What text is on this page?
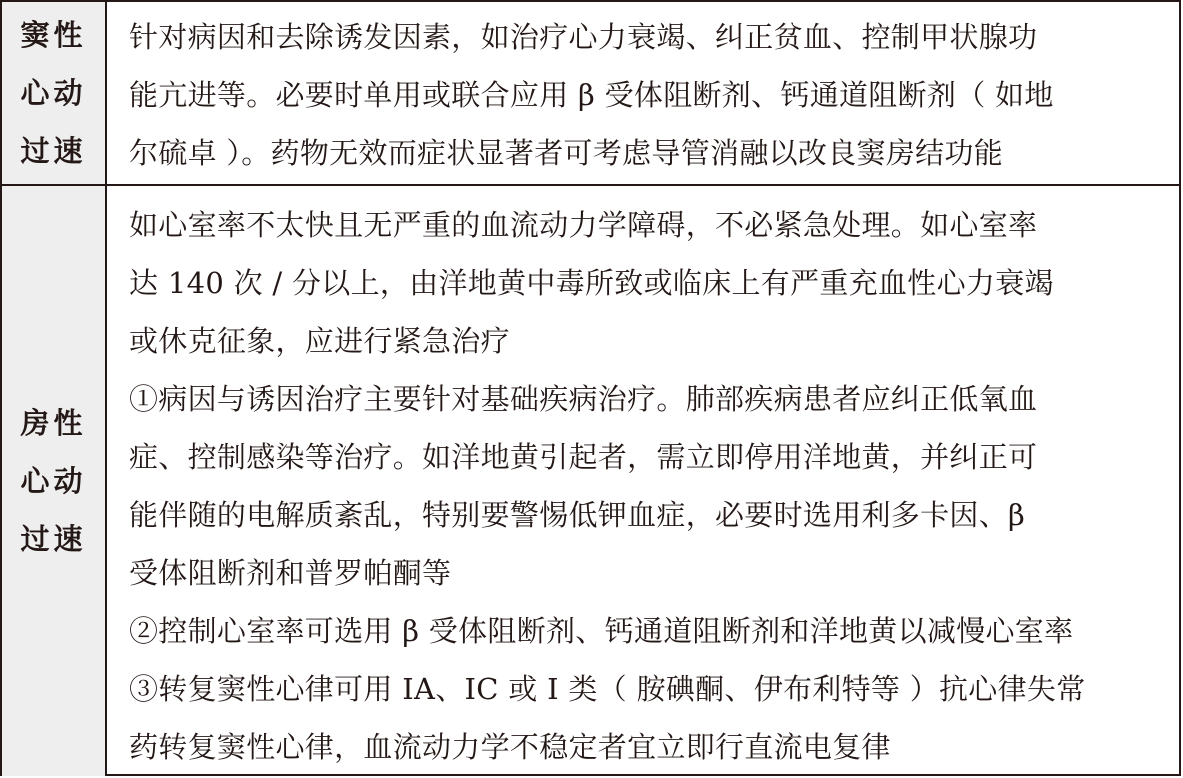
窦性
心动
过速
针对病因和去除诱发因素，如治疗心力衰竭、纠正贫血、控制甲状腺功
能亢进等。必要时单用或联合应用 β 受体阻断剂、钙通道阻断剂（ 如地
尔硫卓 ）。药物无效而症状显著者可考虑导管消融以改良窦房结功能
房性
心动
过速
如心室率不太快且无严重的血流动力学障碍，不必紧急处理。如心室率
达 140 次 / 分以上，由洋地黄中毒所致或临床上有严重充血性心力衰竭
或休克征象，应进行紧急治疗
①病因与诱因治疗主要针对基础疾病治疗。肺部疾病患者应纠正低氧血
症、控制感染等治疗。如洋地黄引起者，需立即停用洋地黄，并纠正可
能伴随的电解质紊乱，特别要警惕低钾血症，必要时选用利多卡因、β
受体阻断剂和普罗帕酮等
②控制心室率可选用 β 受体阻断剂、钙通道阻断剂和洋地黄以减慢心室率
③转复窦性心律可用 IA、IC 或 I 类（ 胺碘酮、伊布利特等 ）抗心律失常
药转复窦性心律，血流动力学不稳定者宜立即行直流电复律
